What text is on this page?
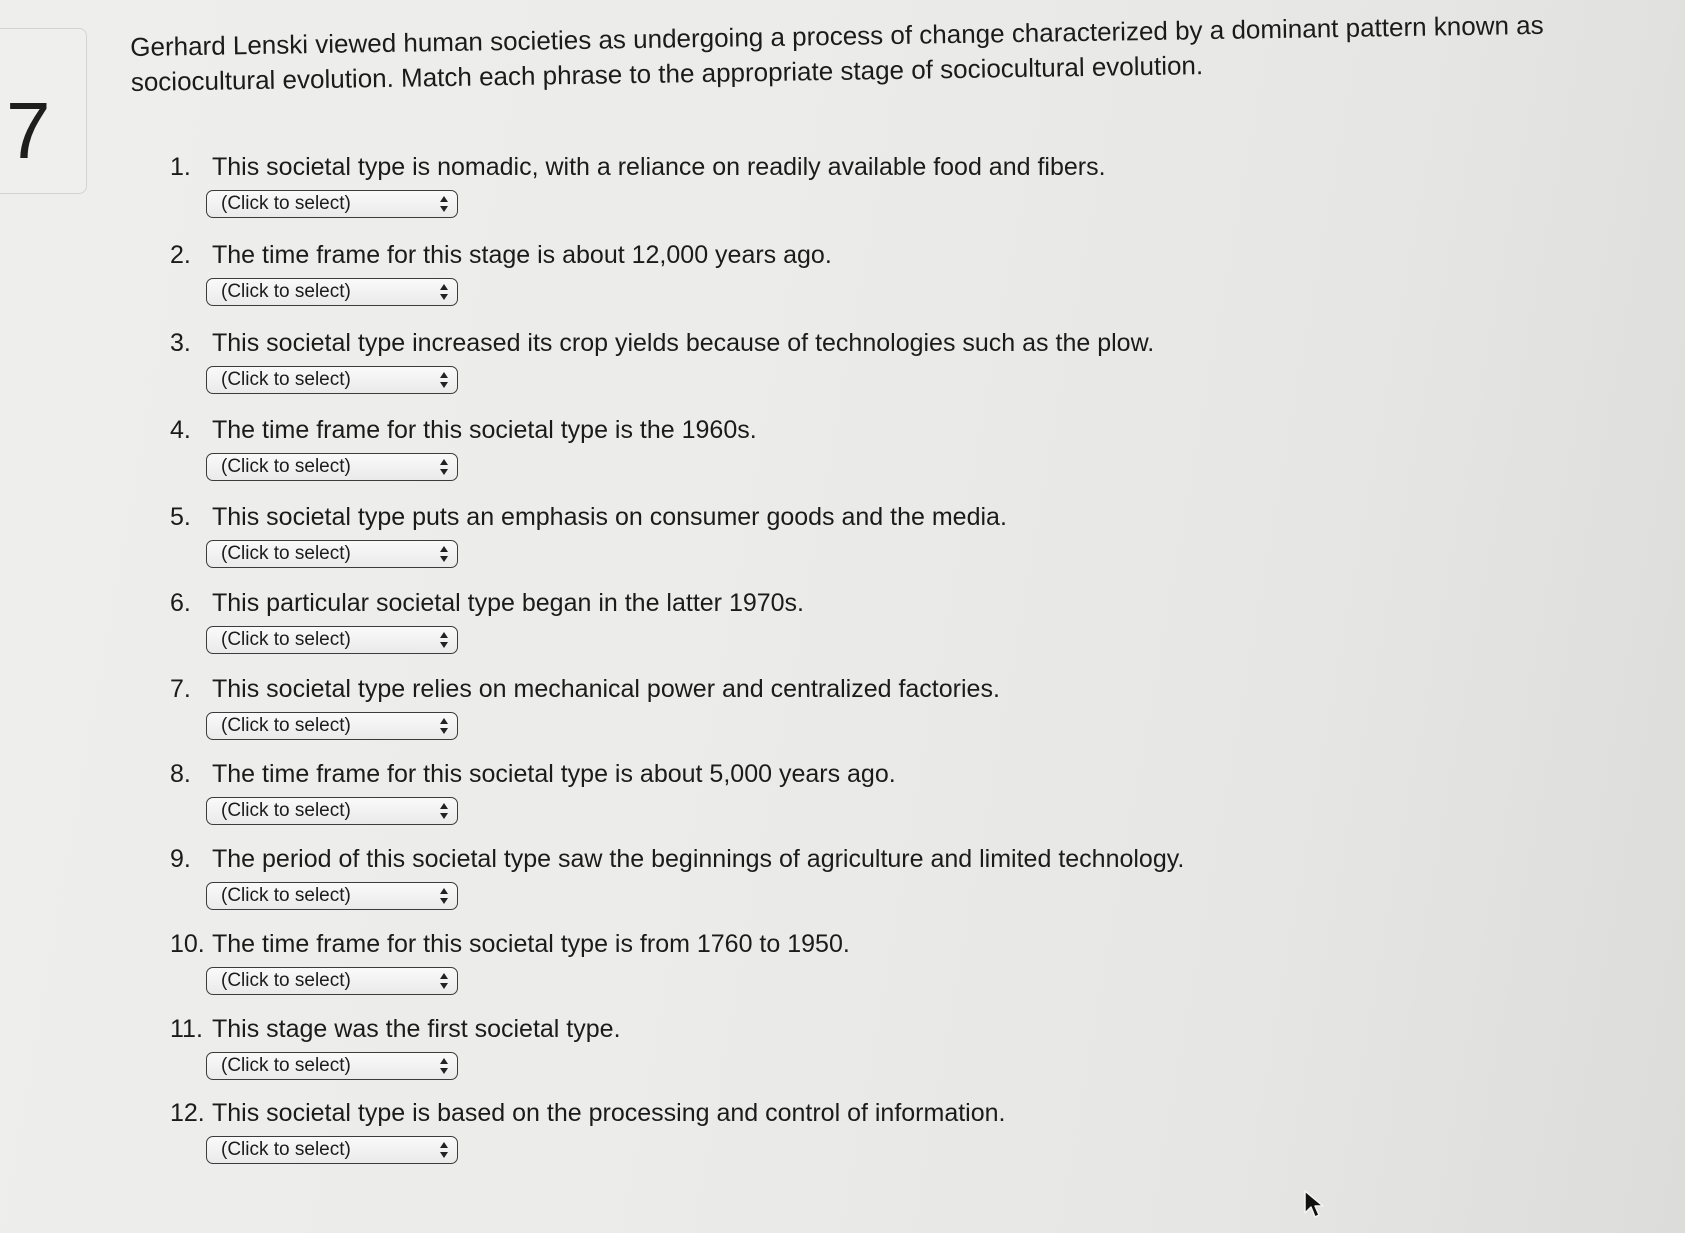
7
Gerhard Lenski viewed human societies as undergoing a process of change characterized by a dominant pattern known as sociocultural evolution. Match each phrase to the appropriate stage of sociocultural evolution.
1. This societal type is nomadic, with a reliance on readily available food and fibers.
(Click to select)
2. The time frame for this stage is about 12,000 years ago.
(Click to select)
3. This societal type increased its crop yields because of technologies such as the plow.
(Click to select)
4. The time frame for this societal type is the 1960s.
(Click to select)
5. This societal type puts an emphasis on consumer goods and the media.
(Click to select)
6. This particular societal type began in the latter 1970s.
(Click to select)
7. This societal type relies on mechanical power and centralized factories.
(Click to select)
8. The time frame for this societal type is about 5,000 years ago.
(Click to select)
9. The period of this societal type saw the beginnings of agriculture and limited technology.
(Click to select)
10. The time frame for this societal type is from 1760 to 1950.
(Click to select)
11. This stage was the first societal type.
(Click to select)
12. This societal type is based on the processing and control of information.
(Click to select)
